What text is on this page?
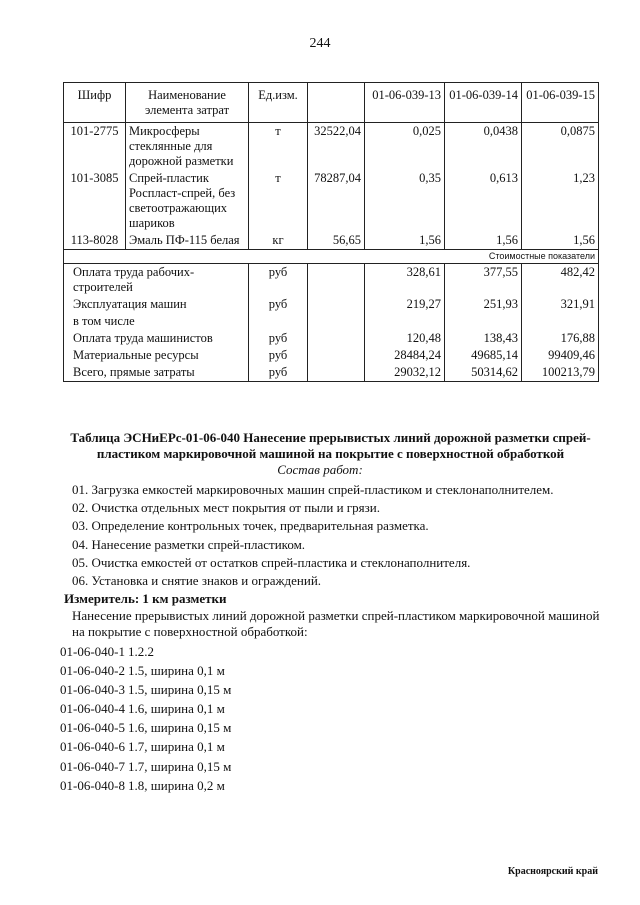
244
Шифр	Наименование элемента затрат	Ед.изм.		01-06-039-13	01-06-039-14	01-06-039-15
101-2775	Микросферы стеклянные для дорожной разметки	т	32522,04	0,025	0,0438	0,0875
101-3085	Спрей-пластик Роспласт-спрей, без светоотражающих шариков	т	78287,04	0,35	0,613	1,23
113-8028	Эмаль ПФ-115 белая	кг	56,65	1,56	1,56	1,56
Стоимостные показатели						
Оплата труда рабочих-строителей		руб		328,61	377,55	482,42
Эксплуатация машин		руб		219,27	251,93	321,91
в том числе						
Оплата труда машинистов		руб		120,48	138,43	176,88
Материальные ресурсы		руб		28484,24	49685,14	99409,46
Всего, прямые затраты		руб		29032,12	50314,62	100213,79
Таблица ЭСНиЕРс-01-06-040 Нанесение прерывистых линий дорожной разметки спрей-пластиком маркировочной машиной на покрытие с поверхностной обработкой
Состав работ:
01. Загрузка емкостей маркировочных машин спрей-пластиком и стеклонаполнителем.
02. Очистка отдельных мест покрытия от пыли и грязи.
03. Определение контрольных точек, предварительная разметка.
04. Нанесение разметки спрей-пластиком.
05. Очистка емкостей от остатков спрей-пластика и стеклонаполнителя.
06. Установка и снятие знаков и ограждений.
Измеритель: 1 км разметки
Нанесение прерывистых линий дорожной разметки спрей-пластиком маркировочной машиной на покрытие с поверхностной обработкой:
01-06-040-1 1.2.2
01-06-040-2 1.5, ширина 0,1 м
01-06-040-3 1.5, ширина 0,15 м
01-06-040-4 1.6, ширина 0,1 м
01-06-040-5 1.6, ширина 0,15 м
01-06-040-6 1.7, ширина 0,1 м
01-06-040-7 1.7, ширина 0,15 м
01-06-040-8 1.8, ширина 0,2 м
Красноярский край
